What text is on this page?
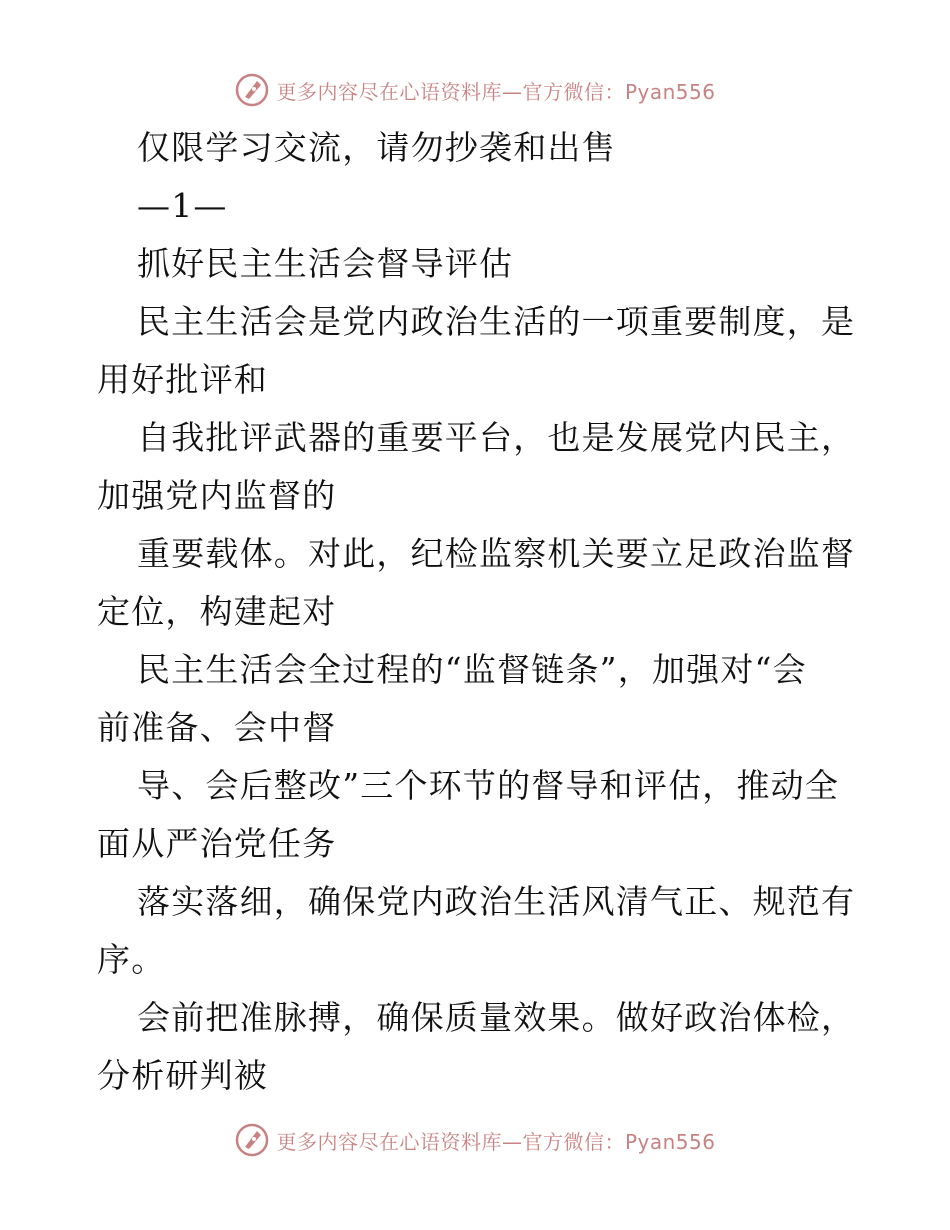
更多内容尽在心语资料库—官方微信：Pyan556
仅限学习交流，请勿抄袭和出售
—1—
抓好民主生活会督导评估
民主生活会是党内政治生活的一项重要制度，是
用好批评和
自我批评武器的重要平台，也是发展党内民主，
加强党内监督的
重要载体。对此，纪检监察机关要立足政治监督
定位，构建起对
民主生活会全过程的“监督链条”，加强对“会
前准备、会中督
导、会后整改”三个环节的督导和评估，推动全
面从严治党任务
落实落细，确保党内政治生活风清气正、规范有
序。
会前把准脉搏，确保质量效果。做好政治体检，
分析研判被
更多内容尽在心语资料库—官方微信：Pyan556
